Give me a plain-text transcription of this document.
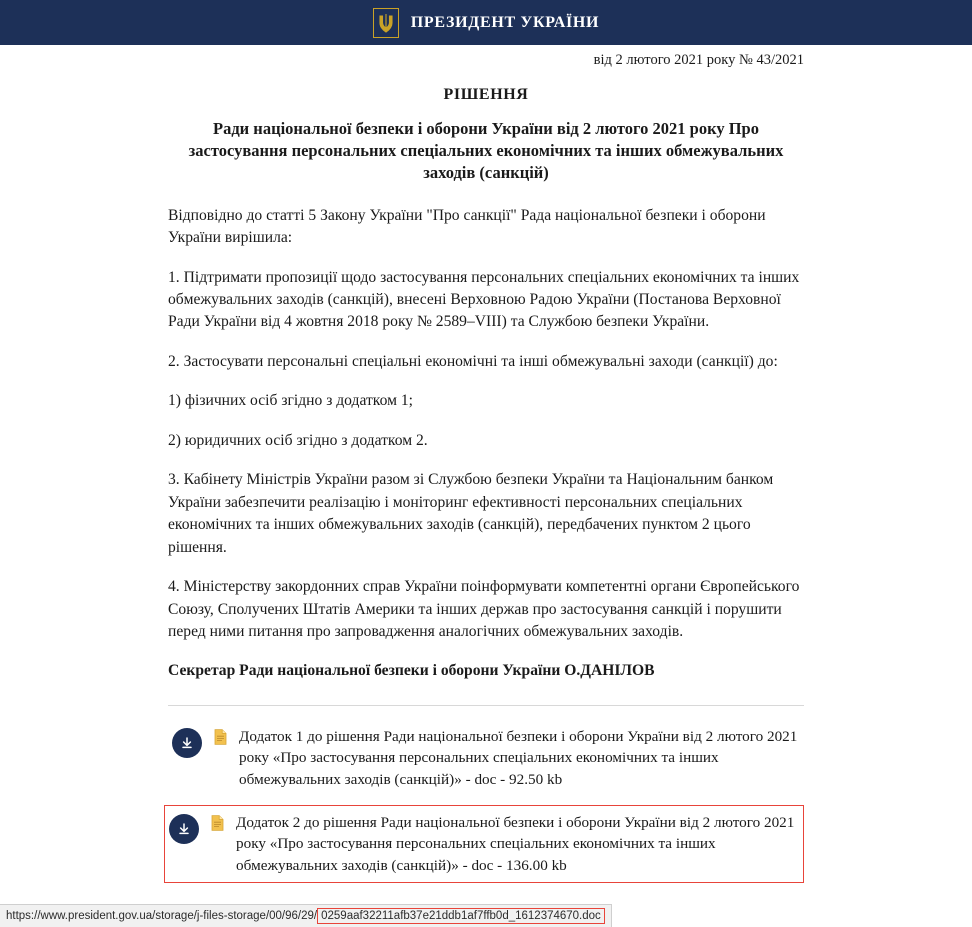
ПРЕЗИДЕНТ УКРАЇНИ
від 2 лютого 2021 року № 43/2021
РІШЕННЯ
Ради національної безпеки і оборони України від 2 лютого 2021 року Про застосування персональних спеціальних економічних та інших обмежувальних заходів (санкцій)

Відповідно до статті 5 Закону України "Про санкції" Рада національної безпеки і оборони України вирішила:

1. Підтримати пропозиції щодо застосування персональних спеціальних економічних та інших обмежувальних заходів (санкцій), внесені Верховною Радою України (Постанова Верховної Ради України від 4 жовтня 2018 року № 2589–VIII) та Службою безпеки України.

2. Застосувати персональні спеціальні економічні та інші обмежувальні заходи (санкції) до:

1) фізичних осіб згідно з додатком 1;

2) юридичних осіб згідно з додатком 2.

3. Кабінету Міністрів України разом зі Службою безпеки України та Національним банком України забезпечити реалізацію і моніторинг ефективності персональних спеціальних економічних та інших обмежувальних заходів (санкцій), передбачених пунктом 2 цього рішення.

4. Міністерству закордонних справ України поінформувати компетентні органи Європейського Союзу, Сполучених Штатів Америки та інших держав про застосування санкцій і порушити перед ними питання про запровадження аналогічних обмежувальних заходів.

Секретар Ради національної безпеки і оборони України О.ДАНІЛОВ

Додаток 1 до рішення Ради національної безпеки і оборони України від 2 лютого 2021 року «Про застосування персональних спеціальних економічних та інших обмежувальних заходів (санкцій)» - doc - 92.50 kb
Додаток 2 до рішення Ради національної безпеки і оборони України від 2 лютого 2021 року «Про застосування персональних спеціальних економічних та інших обмежувальних заходів (санкцій)» - doc - 136.00 kb
https://www.president.gov.ua/storage/j-files-storage/00/96/29/ 0259aaf32211afb37e21ddb1af7ffb0d_1612374670.doc
